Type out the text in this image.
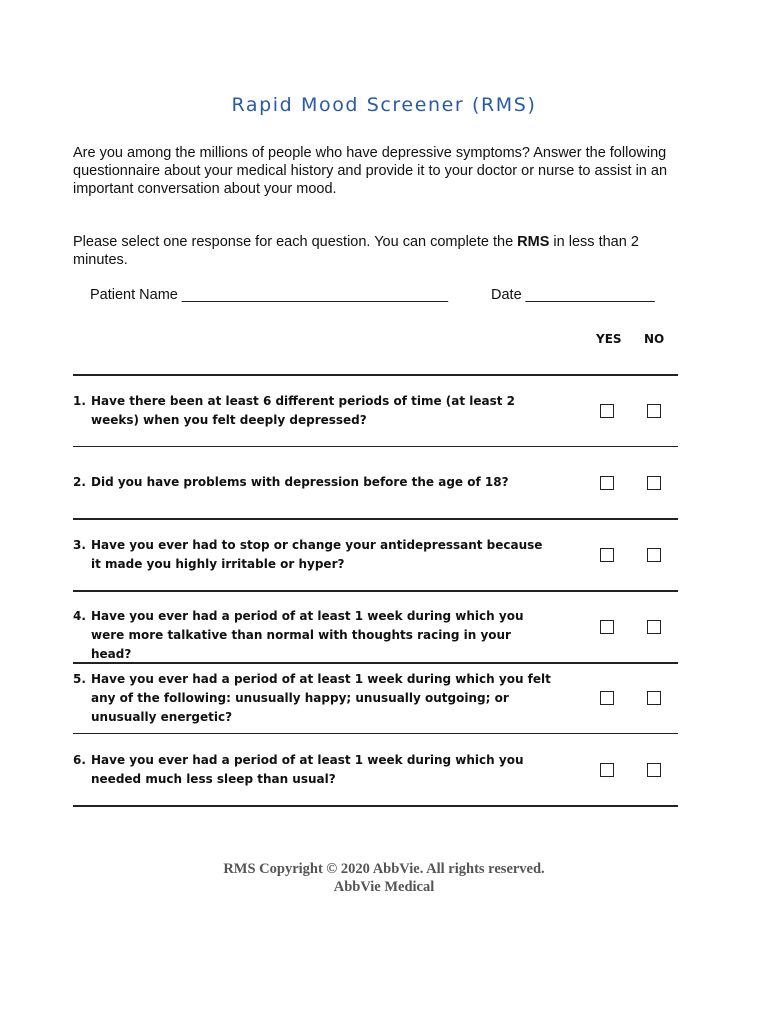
Rapid Mood Screener (RMS)
Are you among the millions of people who have depressive symptoms? Answer the following questionnaire about your medical history and provide it to your doctor or nurse to assist in an important conversation about your mood.
Please select one response for each question. You can complete the RMS in less than 2 minutes.
Patient Name _________________________________	Date ________________
YES NO
1. Have there been at least 6 different periods of time (at least 2 weeks) when you felt deeply depressed?
2. Did you have problems with depression before the age of 18?
3. Have you ever had to stop or change your antidepressant because it made you highly irritable or hyper?
4. Have you ever had a period of at least 1 week during which you were more talkative than normal with thoughts racing in your head?
5. Have you ever had a period of at least 1 week during which you felt any of the following: unusually happy; unusually outgoing; or unusually energetic?
6. Have you ever had a period of at least 1 week during which you needed much less sleep than usual?
RMS Copyright © 2020 AbbVie. All rights reserved.
AbbVie Medical
